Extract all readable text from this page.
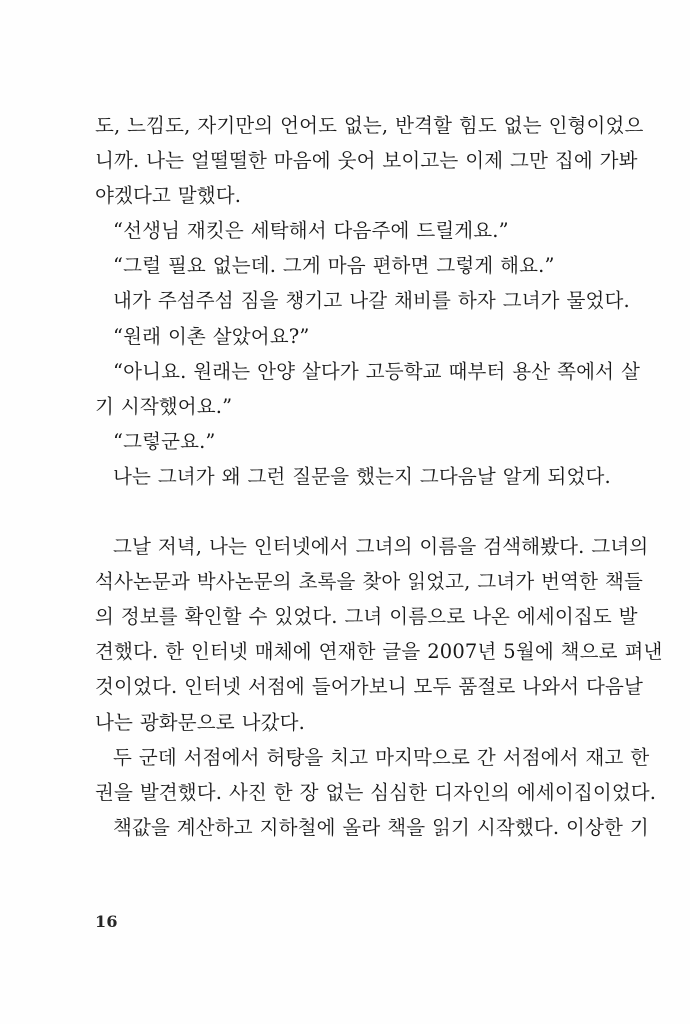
도, 느낌도, 자기만의 언어도 없는, 반격할 힘도 없는 인형이었으
니까. 나는 얼떨떨한 마음에 웃어 보이고는 이제 그만 집에 가봐
야겠다고 말했다.
“선생님 재킷은 세탁해서 다음주에 드릴게요.”
“그럴 필요 없는데. 그게 마음 편하면 그렇게 해요.”
내가 주섬주섬 짐을 챙기고 나갈 채비를 하자 그녀가 물었다.
“원래 이촌 살았어요?”
“아니요. 원래는 안양 살다가 고등학교 때부터 용산 쪽에서 살
기 시작했어요.”
“그렇군요.”
나는 그녀가 왜 그런 질문을 했는지 그다음날 알게 되었다.
그날 저녁, 나는 인터넷에서 그녀의 이름을 검색해봤다. 그녀의
석사논문과 박사논문의 초록을 찾아 읽었고, 그녀가 번역한 책들
의 정보를 확인할 수 있었다. 그녀 이름으로 나온 에세이집도 발
견했다. 한 인터넷 매체에 연재한 글을 2007년 5월에 책으로 펴낸
것이었다. 인터넷 서점에 들어가보니 모두 품절로 나와서 다음날
나는 광화문으로 나갔다.
두 군데 서점에서 허탕을 치고 마지막으로 간 서점에서 재고 한
권을 발견했다. 사진 한 장 없는 심심한 디자인의 에세이집이었다.
책값을 계산하고 지하철에 올라 책을 읽기 시작했다. 이상한 기
16
